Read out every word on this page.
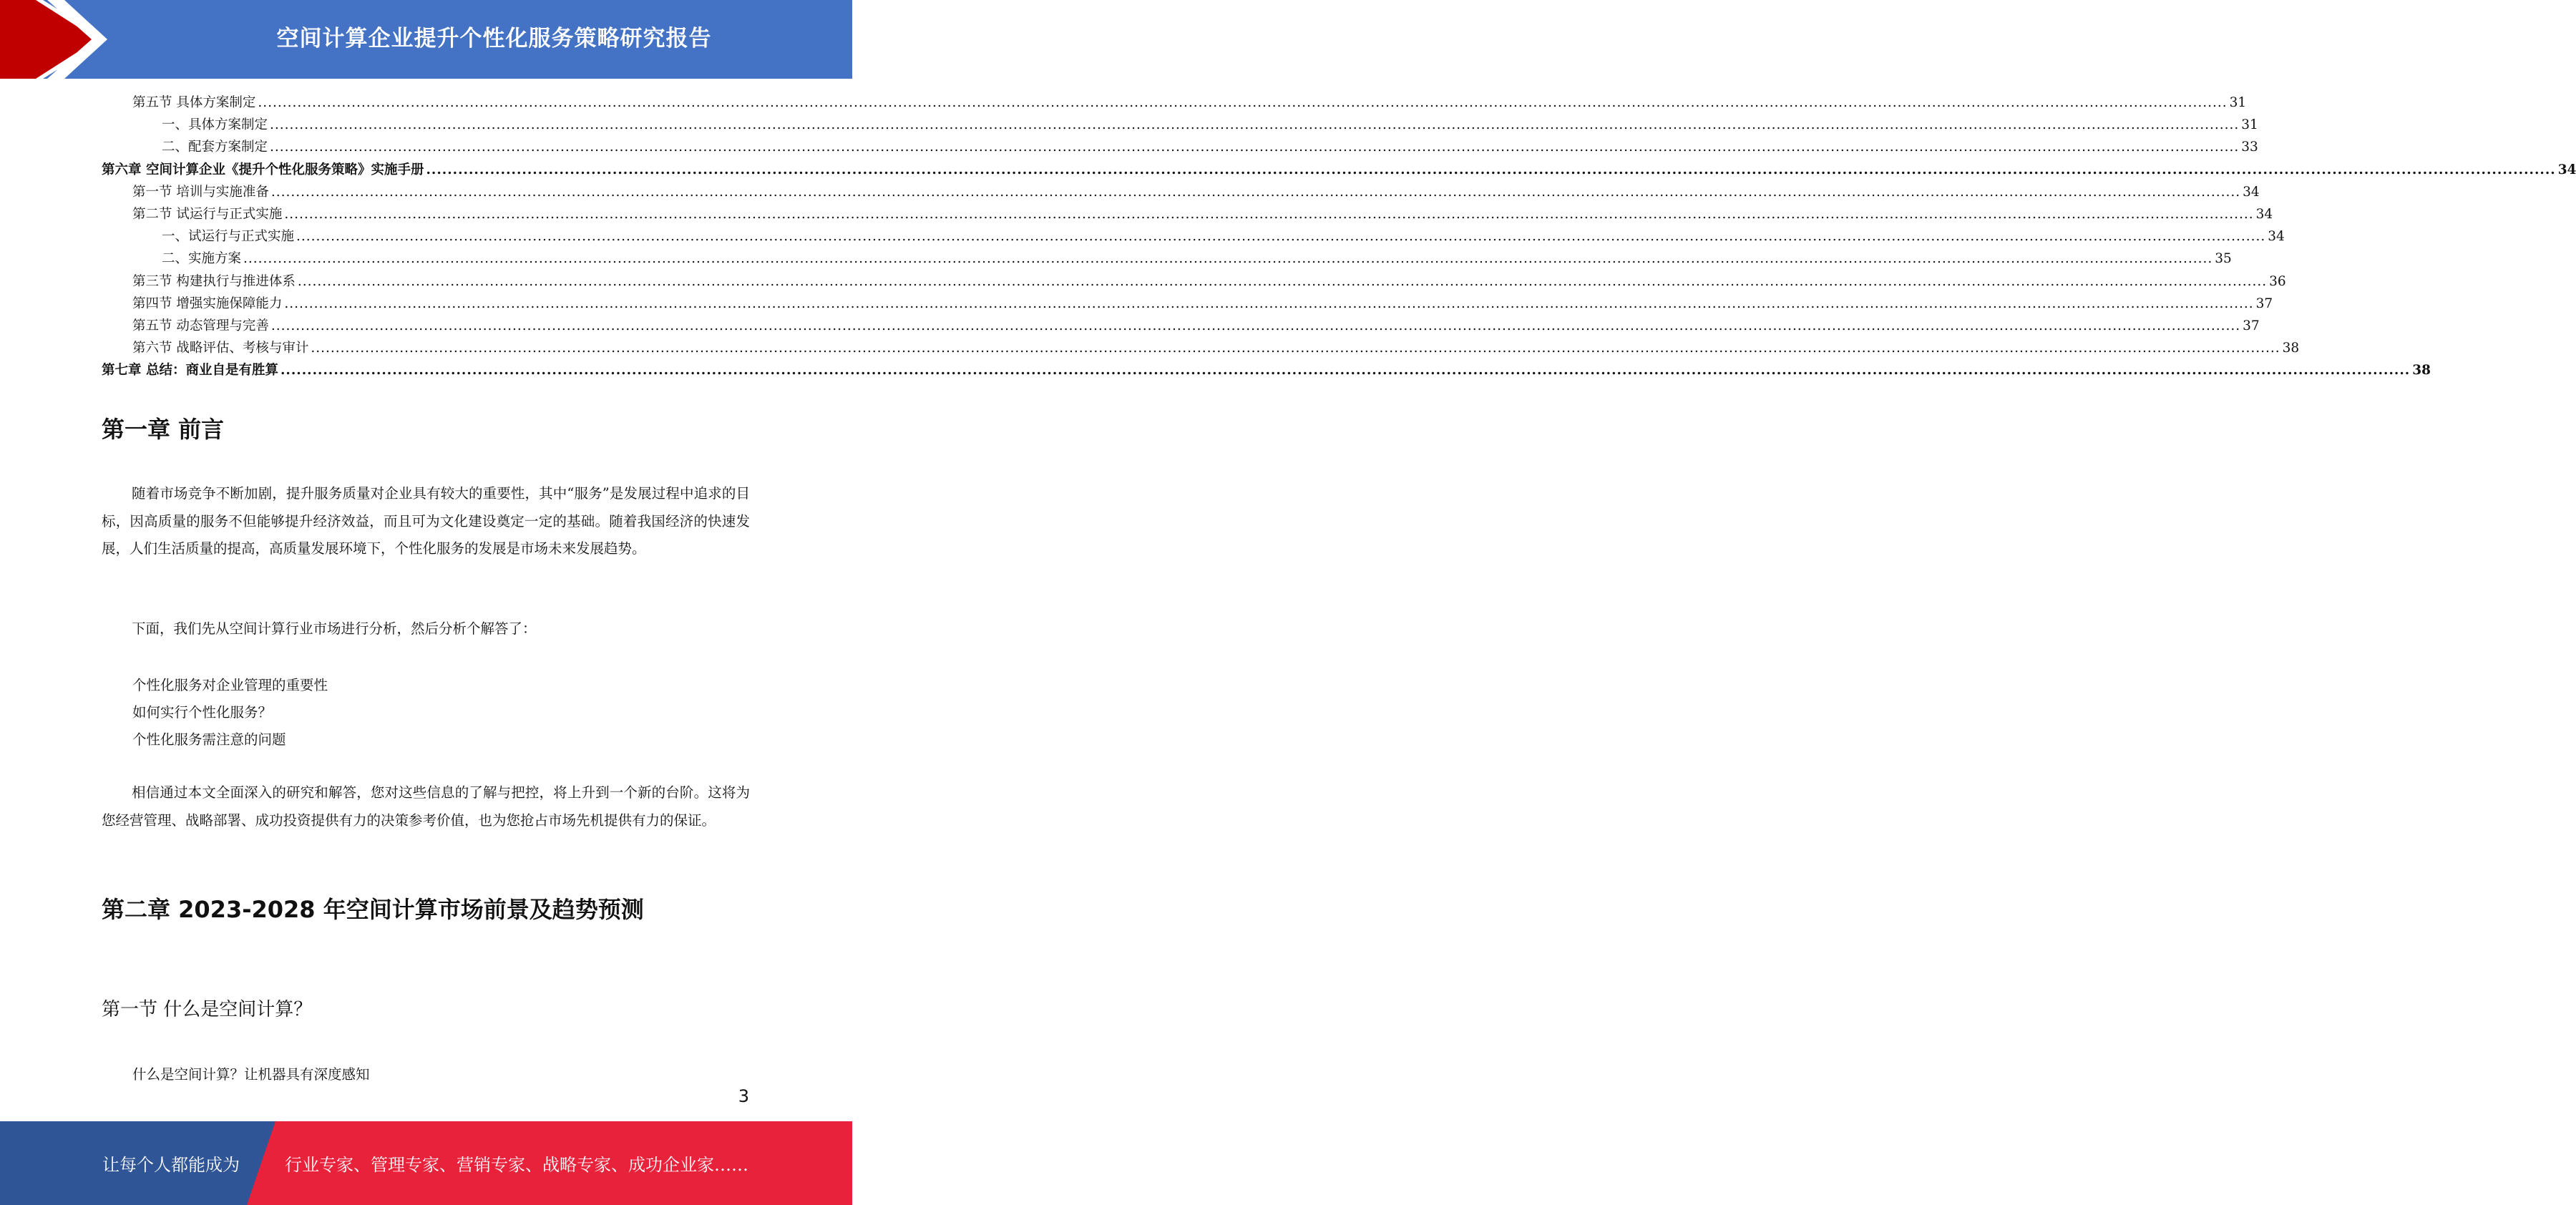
空间计算企业提升个性化服务策略研究报告
第五节 具体方案制定 ................................................................................................................................................................................................................................................................................................................................................................................................................ 31
一、具体方案制定 ................................................................................................................................................................................................................................................................................................................................................................................................................ 31
二、配套方案制定 ................................................................................................................................................................................................................................................................................................................................................................................................................ 33
第六章 空间计算企业《提升个性化服务策略》实施手册 ................................................................................................................................................................................................................................................................................................................................................................................................................ 34
第一节 培训与实施准备 ................................................................................................................................................................................................................................................................................................................................................................................................................ 34
第二节 试运行与正式实施 ................................................................................................................................................................................................................................................................................................................................................................................................................ 34
一、试运行与正式实施 ................................................................................................................................................................................................................................................................................................................................................................................................................ 34
二、实施方案 ................................................................................................................................................................................................................................................................................................................................................................................................................ 35
第三节 构建执行与推进体系 ................................................................................................................................................................................................................................................................................................................................................................................................................ 36
第四节 增强实施保障能力 ................................................................................................................................................................................................................................................................................................................................................................................................................ 37
第五节 动态管理与完善 ................................................................................................................................................................................................................................................................................................................................................................................................................ 37
第六节 战略评估、考核与审计 ................................................................................................................................................................................................................................................................................................................................................................................................................ 38
第七章 总结：商业自是有胜算 ................................................................................................................................................................................................................................................................................................................................................................................................................ 38
第一章 前言
随着市场竞争不断加剧，提升服务质量对企业具有较大的重要性，其中“服务”是发展过程中追求的目标，因高质量的服务不但能够提升经济效益，而且可为文化建设奠定一定的基础。随着我国经济的快速发展，人们生活质量的提高，高质量发展环境下，个性化服务的发展是市场未来发展趋势。
下面，我们先从空间计算行业市场进行分析，然后分析个解答了：
个性化服务对企业管理的重要性
如何实行个性化服务？
个性化服务需注意的问题
相信通过本文全面深入的研究和解答，您对这些信息的了解与把控，将上升到一个新的台阶。这将为您经营管理、战略部署、成功投资提供有力的决策参考价值，也为您抢占市场先机提供有力的保证。
第二章 2023-2028 年空间计算市场前景及趋势预测
第一节 什么是空间计算？
什么是空间计算？让机器具有深度感知
3
让每个人都能成为	行业专家、管理专家、营销专家、战略专家、成功企业家……
